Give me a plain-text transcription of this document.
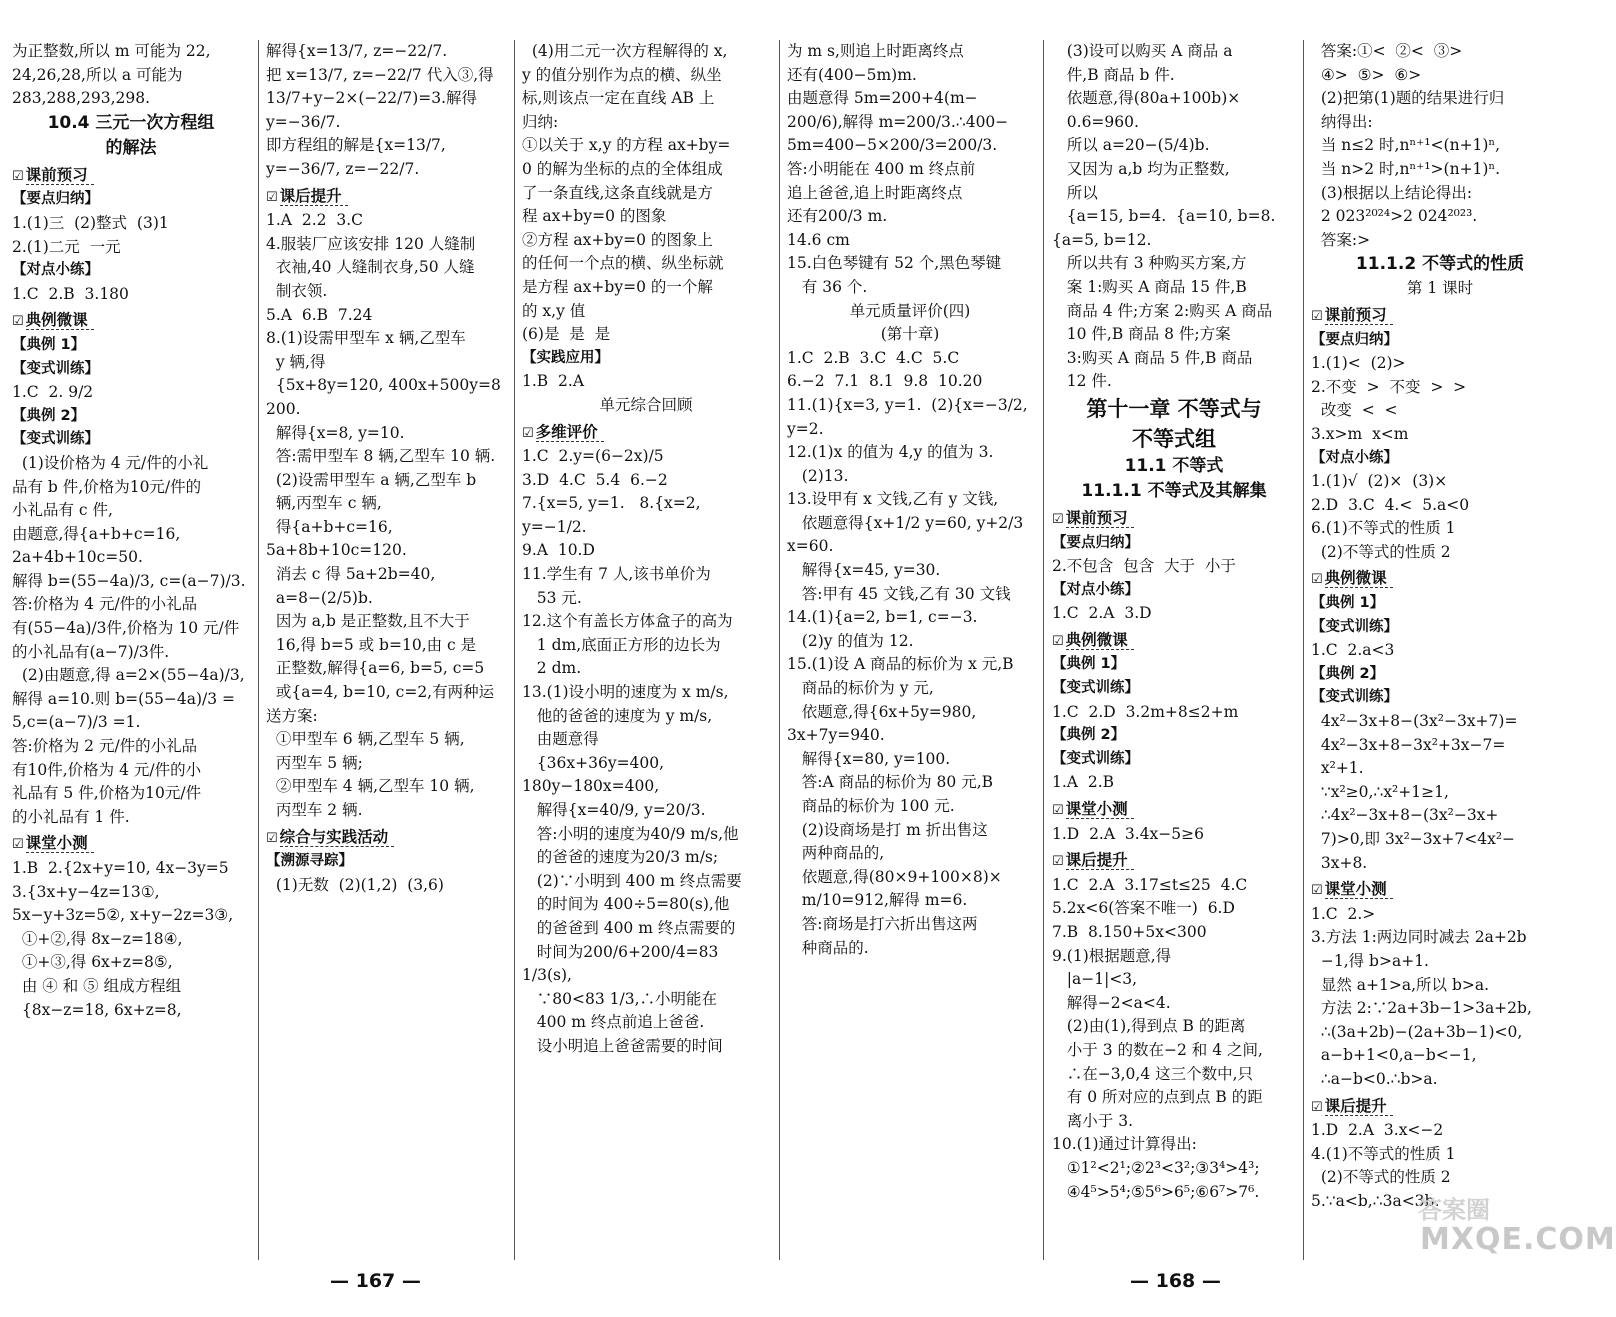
为正整数,所以 m 可能为 22,
24,26,28,所以 a 可能为
283,288,293,298.
10.4 三元一次方程组
的解法
☑ 课前预习
【要点归纳】
1.(1)三  (2)整式  (3)1
2.(1)二元  一元
【对点小练】
1.C  2.B  3.180
☑ 典例微课
【典例 1】
【变式训练】
1.C  2. 9/2
【典例 2】
【变式训练】
(1)设价格为 4 元/件的小礼
品有 b 件,价格为10元/件的
小礼品有 c 件,
由题意,得{a+b+c=16, 2a+4b+10c=50.
解得 b=(55−4a)/3, c=(a−7)/3.
答:价格为 4 元/件的小礼品
有(55−4a)/3件,价格为 10 元/件
的小礼品有(a−7)/3件.
(2)由题意,得 a=2×(55−4a)/3,
解得 a=10.则 b=(55−4a)/3 =
5,c=(a−7)/3 =1.
答:价格为 2 元/件的小礼品
有10件,价格为 4 元/件的小
礼品有 5 件,价格为10元/件
的小礼品有 1 件.
☑ 课堂小测
1.B  2.{2x+y=10, 4x−3y=5
3.{3x+y−4z=13①, 5x−y+3z=5②, x+y−2z=3③,
①+②,得 8x−z=18④,
①+③,得 6x+z=8⑤,
由 ④ 和 ⑤ 组成方程组
{8x−z=18, 6x+z=8,
解得{x=13/7, z=−22/7.
把 x=13/7, z=−22/7 代入③,得
13/7+y−2×(−22/7)=3.解得
y=−36/7.
即方程组的解是{x=13/7, y=−36/7, z=−22/7.
☑ 课后提升
1.A  2.2  3.C
4.服装厂应该安排 120 人缝制
衣袖,40 人缝制衣身,50 人缝
制衣领.
5.A  6.B  7.24
8.(1)设需甲型车 x 辆,乙型车
y 辆,得
{5x+8y=120, 400x+500y=8 200.
解得{x=8, y=10.
答:需甲型车 8 辆,乙型车 10 辆.
(2)设需甲型车 a 辆,乙型车 b
辆,丙型车 c 辆,
得{a+b+c=16, 5a+8b+10c=120.
消去 c 得 5a+2b=40,
a=8−(2/5)b.
因为 a,b 是正整数,且不大于
16,得 b=5 或 b=10,由 c 是
正整数,解得{a=6, b=5, c=5
或{a=4, b=10, c=2,有两种运送方案:
①甲型车 6 辆,乙型车 5 辆,
丙型车 5 辆;
②甲型车 4 辆,乙型车 10 辆,
丙型车 2 辆.
☑ 综合与实践活动
【溯源寻踪】
(1)无数  (2)(1,2)  (3,6)
(4)用二元一次方程解得的 x,
y 的值分别作为点的横、纵坐
标,则该点一定在直线 AB 上
归纳:
①以关于 x,y 的方程 ax+by=
0 的解为坐标的点的全体组成
了一条直线,这条直线就是方
程 ax+by=0 的图象
②方程 ax+by=0 的图象上
的任何一个点的横、纵坐标就
是方程 ax+by=0 的一个解
的 x,y 值
(6)是  是  是
【实践应用】
1.B  2.A
单元综合回顾
☑ 多维评价
1.C  2.y=(6−2x)/5
3.D  4.C  5.4  6.−2
7.{x=5, y=1.   8.{x=2, y=−1/2.
9.A  10.D
11.学生有 7 人,该书单价为
53 元.
12.这个有盖长方体盒子的高为
1 dm,底面正方形的边长为
2 dm.
13.(1)设小明的速度为 x m/s,
他的爸爸的速度为 y m/s,
由题意得
{36x+36y=400, 180y−180x=400,
解得{x=40/9, y=20/3.
答:小明的速度为40/9 m/s,他
的爸爸的速度为20/3 m/s;
(2)∵小明到 400 m 终点需要
的时间为 400÷5=80(s),他
的爸爸到 400 m 终点需要的
时间为200/6+200/4=83 1/3(s),
∵80<83 1/3,∴小明能在
400 m 终点前追上爸爸.
设小明追上爸爸需要的时间
为 m s,则追上时距离终点
还有(400−5m)m.
由题意得 5m=200+4(m−
200/6),解得 m=200/3.∴400−
5m=400−5×200/3=200/3.
答:小明能在 400 m 终点前
追上爸爸,追上时距离终点
还有200/3 m.
14.6 cm
15.白色琴键有 52 个,黑色琴键
有 36 个.
单元质量评价(四)
(第十章)
1.C  2.B  3.C  4.C  5.C
6.−2  7.1  8.1  9.8  10.20
11.(1){x=3, y=1.  (2){x=−3/2, y=2.
12.(1)x 的值为 4,y 的值为 3.
(2)13.
13.设甲有 x 文钱,乙有 y 文钱,
依题意得{x+1/2 y=60, y+2/3 x=60.
解得{x=45, y=30.
答:甲有 45 文钱,乙有 30 文钱
14.(1){a=2, b=1, c=−3.
(2)y 的值为 12.
15.(1)设 A 商品的标价为 x 元,B
商品的标价为 y 元,
依题意,得{6x+5y=980, 3x+7y=940.
解得{x=80, y=100.
答:A 商品的标价为 80 元,B
商品的标价为 100 元.
(2)设商场是打 m 折出售这
两种商品的,
依题意,得(80×9+100×8)×
m/10=912,解得 m=6.
答:商场是打六折出售这两
种商品的.
(3)设可以购买 A 商品 a
件,B 商品 b 件.
依题意,得(80a+100b)×
0.6=960.
所以 a=20−(5/4)b.
又因为 a,b 均为正整数,
所以
{a=15, b=4.  {a=10, b=8.  {a=5, b=12.
所以共有 3 种购买方案,方
案 1:购买 A 商品 15 件,B
商品 4 件;方案 2:购买 A 商品
10 件,B 商品 8 件;方案
3:购买 A 商品 5 件,B 商品
12 件.
第十一章 不等式与
不等式组
11.1 不等式
11.1.1 不等式及其解集
☑ 课前预习
【要点归纳】
2.不包含  包含  大于  小于
【对点小练】
1.C  2.A  3.D
☑ 典例微课
【典例 1】
【变式训练】
1.C  2.D  3.2m+8≤2+m
【典例 2】
【变式训练】
1.A  2.B
☑ 课堂小测
1.D  2.A  3.4x−5≥6
☑ 课后提升
1.C  2.A  3.17≤t≤25  4.C
5.2x<6(答案不唯一)  6.D
7.B  8.150+5x<300
9.(1)根据题意,得
|a−1|<3,
解得−2<a<4.
(2)由(1),得到点 B 的距离
小于 3 的数在−2 和 4 之间,
∴在−3,0,4 这三个数中,只
有 0 所对应的点到点 B 的距
离小于 3.
10.(1)通过计算得出:
①1²<2¹;②2³<3²;③3⁴>4³;
④4⁵>5⁴;⑤5⁶>6⁵;⑥6⁷>7⁶.
答案:①<  ②<  ③>
④>  ⑤>  ⑥>
(2)把第(1)题的结果进行归
纳得出:
当 n≤2 时,nⁿ⁺¹<(n+1)ⁿ,
当 n>2 时,nⁿ⁺¹>(n+1)ⁿ.
(3)根据以上结论得出:
2 023²⁰²⁴>2 024²⁰²³.
答案:>
11.1.2 不等式的性质
第 1 课时
☑ 课前预习
【要点归纳】
1.(1)<  (2)>
2.不变  >  不变  >  >
改变  <  <
3.x>m  x<m
【对点小练】
1.(1)√  (2)×  (3)×
2.D  3.C  4.<  5.a<0
6.(1)不等式的性质 1
(2)不等式的性质 2
☑ 典例微课
【典例 1】
【变式训练】
1.C  2.a<3
【典例 2】
【变式训练】
4x²−3x+8−(3x²−3x+7)=
4x²−3x+8−3x²+3x−7=
x²+1.
∵x²≥0,∴x²+1≥1,
∴4x²−3x+8−(3x²−3x+
7)>0,即 3x²−3x+7<4x²−
3x+8.
☑ 课堂小测
1.C  2.>
3.方法 1:两边同时减去 2a+2b
−1,得 b>a+1.
显然 a+1>a,所以 b>a.
方法 2:∵2a+3b−1>3a+2b,
∴(3a+2b)−(2a+3b−1)<0,
a−b+1<0,a−b<−1,
∴a−b<0.∴b>a.
☑ 课后提升
1.D  2.A  3.x<−2
4.(1)不等式的性质 1
(2)不等式的性质 2
5.∵a<b,∴3a<3b.
— 167 —	— 168 —
答案圈
MXQE.COM
